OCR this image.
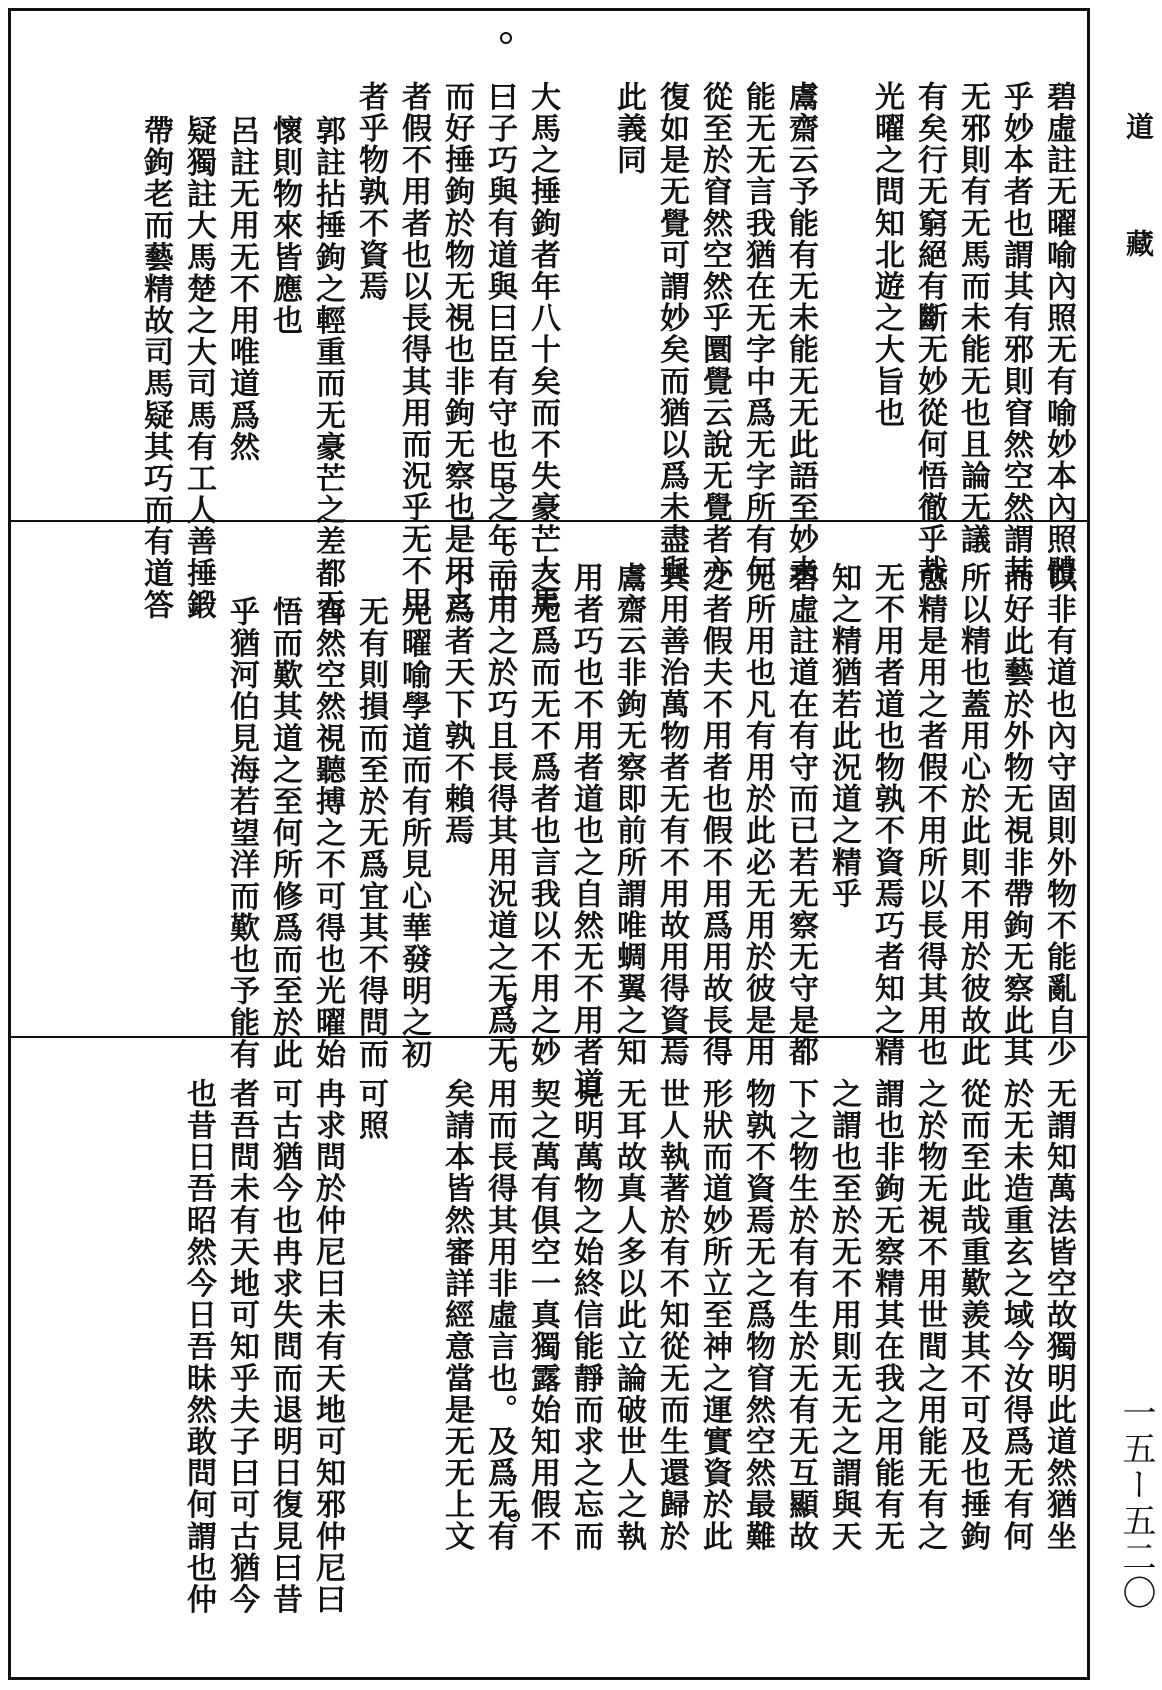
碧虛註无曜喻內照无有喻妙本內照體
乎妙本者也謂其有邪則窅然空然謂其
无邪則有无馬而未能无也且論无議
有矣行无窮絕有斷无妙從何悟徹乎哉
光曜之問知北遊之大旨也
鬳齋云予能有无未能无无此語至妙未
能无无言我猶在无字中爲无字所有何
從至於窅然空然乎圜覺云說无覺者亦
復如是无覺可謂妙矣而猶以爲未盡與
此義同
大馬之捶鉤者年八十矣而不失豪芒大馬
曰子巧與有道與曰臣有守也臣之年二十
而好捶鉤於物无視也非鉤无察也是用之
者假不用者也以長得其用而況乎无不用
者乎物孰不資焉
郭註拈捶鉤之輕重而无豪芒之差都无
懷則物來皆應也
呂註无用无不用唯道爲然
疑獨註大馬楚之大司馬有工人善捶鍛
帶鉤老而藝精故司馬疑其巧而有道答
以非有道也內守固則外物不能亂自少
而好此藝於外物无視非帶鉤无察此其
所以精也蓋用心於此則不用於彼故此
愈精是用之者假不用所以長得其用也
无不用者道也物孰不資焉巧者知之精
知之精猶若此況道之精乎
碧虛註道在有守而已若无察无守是都
无所用也凡有用於此必无用於彼是用
之者假夫不用者也假不用爲用故長得
其用善治萬物者无有不用故用得資焉
鬳齋云非鉤无察即前所謂唯蜩翼之知
用者巧也不用者道也之自然无不用者道
之无爲而无不爲者也言我以不用之妙
而用之於巧且長得其用況道之无爲无
不爲者天下孰不賴焉
光曜喻學道而有所見心華發明之初
无有則損而至於无爲宜其不得問而
窅然空然視聽搏之不可得也光曜始
悟而歎其道之至何所修爲而至於此
乎猶河伯見海若望洋而歎也予能有
无謂知萬法皆空故獨明此道然猶坐
於无未造重玄之域今汝得爲无有何
從而至此哉重歎羨其不可及也捶鉤
之於物无視不用世間之用能无有之
謂也非鉤无察精其在我之用能有无
之謂也至於无不用則无无之謂與天
下之物生於有有生於无有无互顯故
物孰不資焉无之爲物窅然空然最難
形狀而道妙所立至神之運實資於此
世人執著於有不知從无而生還歸於
无耳故真人多以此立論破世人之執
見明萬物之始終信能靜而求之忘而
契之萬有俱空一真獨露始知用假不
用而長得其用非虛言也。及爲无有
矣請本皆然審詳經意當是无无上文
可照
冉求問於仲尼曰未有天地可知邪仲尼曰
可古猶今也冉求失問而退明日復見曰昔
者吾問未有天地可知乎夫子曰可古猶今
也昔日吾昭然今日吾昧然敢問何謂也仲
道 藏
一五ー五二〇
